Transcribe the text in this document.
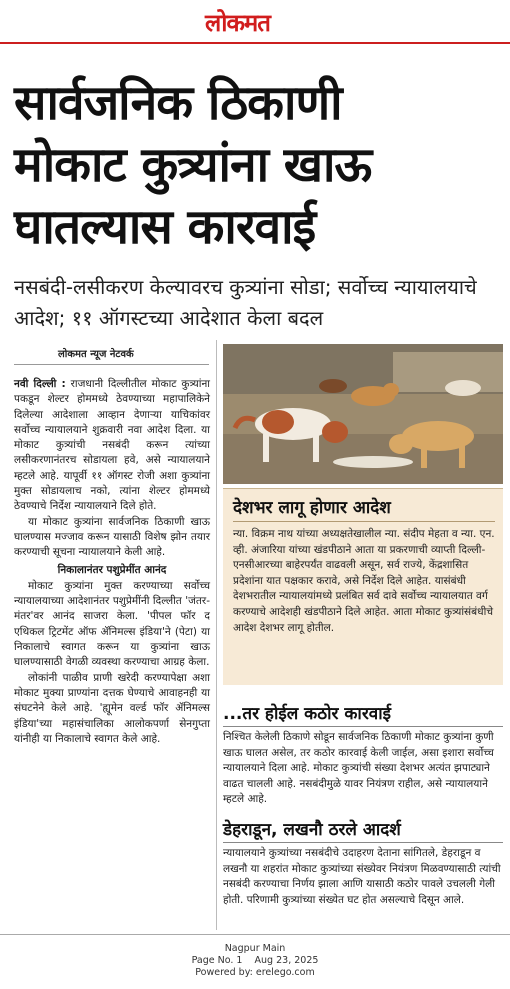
लोकमत
सार्वजनिक ठिकाणी
मोकाट कुत्र्यांना खाऊ
घातल्यास कारवाई
नसबंदी-लसीकरण केल्यावरच कुत्र्यांना सोडा; सर्वोच्च न्यायालयाचे आदेश; ११ ऑगस्टच्या आदेशात केला बदल
लोकमत न्यूज नेटवर्क

नवी दिल्ली : राजधानी दिल्लीतील मोकाट कुत्र्यांना पकडून शेल्टर होममध्ये ठेवण्याच्या महापालिकेने दिलेल्या आदेशाला आव्हान देणाऱ्या याचिकांवर सर्वोच्च न्यायालयाने शुक्रवारी नवा आदेश दिला. या मोकाट कुत्र्यांची नसबंदी करून त्यांच्या लसीकरणानंतरच सोडायला हवे, असे न्यायालयाने म्हटले आहे. यापूर्वी ११ ऑगस्ट रोजी अशा कुत्र्यांना मुक्त सोडायलाच नको, त्यांना शेल्टर होममध्ये ठेवण्याचे निर्देश न्यायालयाने दिले होते.

या मोकाट कुत्र्यांना सार्वजनिक ठिकाणी खाऊ घालण्यास मज्जाव करून यासाठी विशेष झोन तयार करण्याची सूचना न्यायालयाने केली आहे.

निकालानंतर पशुप्रेमींत आनंद

मोकाट कुत्र्यांना मुक्त करण्याच्या सर्वोच्च न्यायालयाच्या आदेशानंतर पशुप्रेमींनी दिल्लीत 'जंतर-मंतर'वर आनंद साजरा केला. 'पीपल फॉर द एथिकल ट्रिटमेंट ऑफ ॲनिमल्स इंडिया'ने (पेटा) या निकालाचे स्वागत करून या कुत्र्यांना खाऊ घालण्यासाठी वेगळी व्यवस्था करण्याचा आग्रह केला.

लोकांनी पाळीव प्राणी खरेदी करण्यापेक्षा अशा मोकाट मुक्या प्राण्यांना दत्तक घेण्याचे आवाहनही या संघटनेने केले आहे. 'ह्यूमेन वर्ल्ड फॉर ॲनिमल्स इंडिया'च्या महासंचालिका आलोकपर्णा सेनगुप्ता यांनीही या निकालाचे स्वागत केले आहे.

देशभर लागू होणार आदेश

न्या. विक्रम नाथ यांच्या अध्यक्षतेखालील न्या. संदीप मेहता व न्या. एन. व्ही. अंजारिया यांच्या खंडपीठाने आता या प्रकरणाची व्याप्ती दिल्ली-एनसीआरच्या बाहेरपर्यंत वाढवली असून, सर्व राज्ये, केंद्रशासित प्रदेशांना यात पक्षकार करावे, असे निर्देश दिले आहेत. यासंबंधी देशभरातील न्यायालयांमध्ये प्रलंबित सर्व दावे सर्वोच्च न्यायालयात वर्ग करण्याचे आदेशही खंडपीठाने दिले आहेत. आता मोकाट कुत्र्यांसंबंधीचे आदेश देशभर लागू होतील.

...तर होईल कठोर कारवाई
निश्चित केलेली ठिकाणे सोडून सार्वजनिक ठिकाणी मोकाट कुत्र्यांना कुणी खाऊ घालत असेल, तर कठोर कारवाई केली जाईल, असा इशारा सर्वोच्च न्यायालयाने दिला आहे. मोकाट कुत्र्यांची संख्या देशभर अत्यंत झपाट्याने वाढत चालली आहे. नसबंदीमुळे यावर नियंत्रण राहील, असे न्यायालयाने म्हटले आहे.
डेहराडून, लखनौ ठरले आदर्श
न्यायालयाने कुत्र्यांच्या नसबंदीचे उदाहरण देताना सांगितले, डेहराडून व लखनौ या शहरांत मोकाट कुत्र्यांच्या संख्येवर नियंत्रण मिळवण्यासाठी त्यांची नसबंदी करण्याचा निर्णय झाला आणि यासाठी कठोर पावले उचलली गेली होती. परिणामी कुत्र्यांच्या संख्येत घट होत असल्याचे दिसून आले.
Nagpur Main
Page No. 1 Aug 23, 2025
Powered by: erelego.com
